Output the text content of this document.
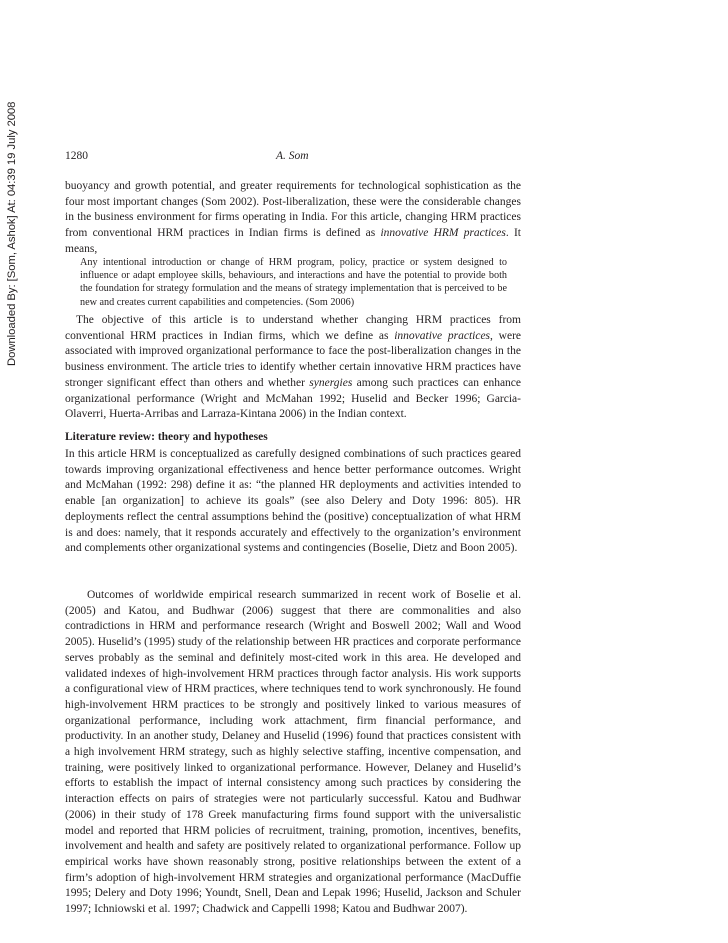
Downloaded By: [Som, Ashok] At: 04:39 19 July 2008	1280	A. Som

buoyancy and growth potential, and greater requirements for technological sophistication as the four most important changes (Som 2002). Post-liberalization, these were the considerable changes in the business environment for firms operating in India. For this article, changing HRM practices from conventional HRM practices in Indian firms is defined as innovative HRM practices. It means,

Any intentional introduction or change of HRM program, policy, practice or system designed to influence or adapt employee skills, behaviours, and interactions and have the potential to provide both the foundation for strategy formulation and the means of strategy implementation that is perceived to be new and creates current capabilities and competencies. (Som 2006)

The objective of this article is to understand whether changing HRM practices from conventional HRM practices in Indian firms, which we define as innovative practices, were associated with improved organizational performance to face the post-liberalization changes in the business environment. The article tries to identify whether certain innovative HRM practices have stronger significant effect than others and whether synergies among such practices can enhance organizational performance (Wright and McMahan 1992; Huselid and Becker 1996; Garcia-Olaverri, Huerta-Arribas and Larraza-Kintana 2006) in the Indian context.

Literature review: theory and hypotheses

In this article HRM is conceptualized as carefully designed combinations of such practices geared towards improving organizational effectiveness and hence better performance outcomes. Wright and McMahan (1992: 298) define it as: “the planned HR deployments and activities intended to enable [an organization] to achieve its goals” (see also Delery and Doty 1996: 805). HR deployments reflect the central assumptions behind the (positive) conceptualization of what HRM is and does: namely, that it responds accurately and effectively to the organization’s environment and complements other organizational systems and contingencies (Boselie, Dietz and Boon 2005).

Outcomes of worldwide empirical research summarized in recent work of Boselie et al. (2005) and Katou, and Budhwar (2006) suggest that there are commonalities and also contradictions in HRM and performance research (Wright and Boswell 2002; Wall and Wood 2005). Huselid’s (1995) study of the relationship between HR practices and corporate performance serves probably as the seminal and definitely most-cited work in this area. He developed and validated indexes of high-involvement HRM practices through factor analysis. His work supports a configurational view of HRM practices, where techniques tend to work synchronously. He found high-involvement HRM practices to be strongly and positively linked to various measures of organizational performance, including work attachment, firm financial performance, and productivity. In an another study, Delaney and Huselid (1996) found that practices consistent with a high involvement HRM strategy, such as highly selective staffing, incentive compensation, and training, were positively linked to organizational performance. However, Delaney and Huselid’s efforts to establish the impact of internal consistency among such practices by considering the interaction effects on pairs of strategies were not particularly successful. Katou and Budhwar (2006) in their study of 178 Greek manufacturing firms found support with the universalistic model and reported that HRM policies of recruitment, training, promotion, incentives, benefits, involvement and health and safety are positively related to organizational performance. Follow up empirical works have shown reasonably strong, positive relationships between the extent of a firm’s adoption of high-involvement HRM strategies and organizational performance (MacDuffie 1995; Delery and Doty 1996; Youndt, Snell, Dean and Lepak 1996; Huselid, Jackson and Schuler 1997; Ichniowski et al. 1997; Chadwick and Cappelli 1998; Katou and Budhwar 2007).
